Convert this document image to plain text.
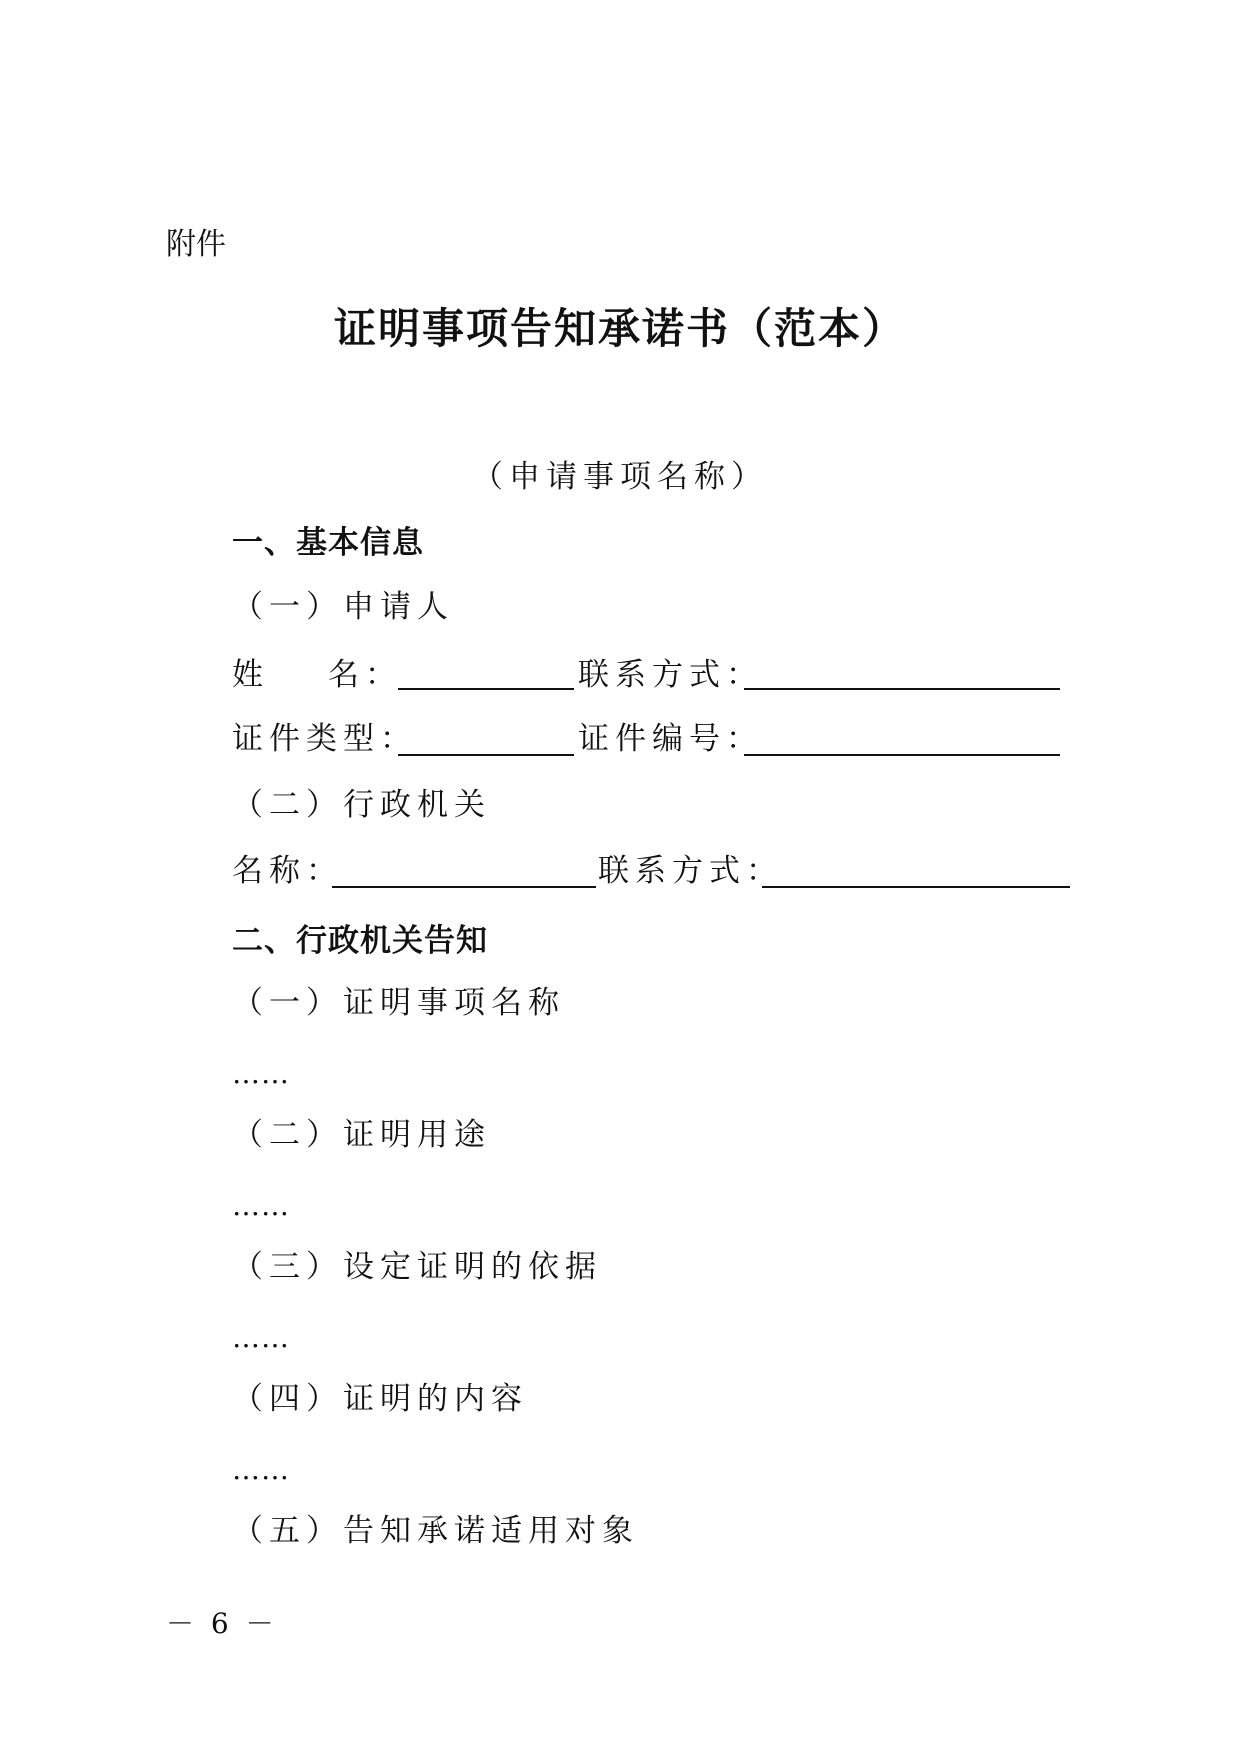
附件
证明事项告知承诺书（范本）
（申请事项名称）
一、基本信息
（一）申请人
姓 名：	联系方式：
证件类型：	证件编号：
（二）行政机关
名称：	联系方式：
二、行政机关告知
（一）证明事项名称
……
（二）证明用途
……
（三）设定证明的依据
……
（四）证明的内容
……
（五）告知承诺适用对象
－ 6 －
